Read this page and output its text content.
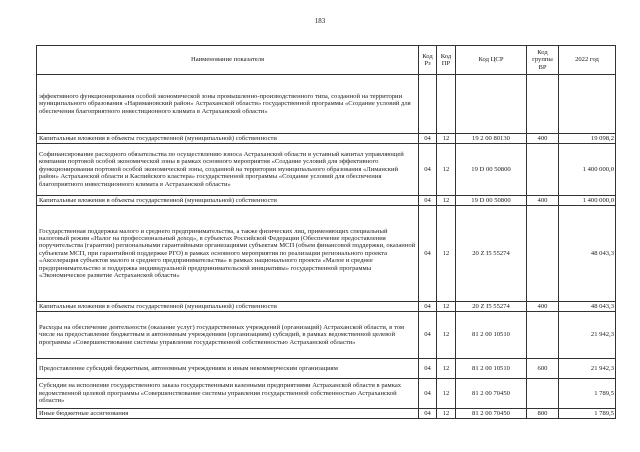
183
Наименование показателя	Код Рз	Код ПР	Код ЦСР	Код группы ВР	2022 год
эффективного функционирования особой экономической зоны промышленно-производственного типа, созданной на территории муниципального образования «Наримановский район» Астраханской области» государственной программы «Создание условий для обеспечения благоприятного инвестиционного климата в Астраханской области»					
Капитальные вложения в объекты государственной (муниципальной) собственности	04	12	19 2 00 80130	400	19 098,2
Софинансирование расходного обязательства по осуществлению взноса Астраханской области в уставный капитал управляющей компании портовой особой экономической зоны в рамках основного мероприятия «Создание условий для эффективного функционирования портовой особой экономической зоны, созданной на территории муниципального образования «Лиманский район» Астраханской области и Каспийского кластера» государственной программы «Создание условий для обеспечения благоприятного инвестиционного климата в Астраханской области»	04	12	19 D 00 50800		1 400 000,0
Капитальные вложения в объекты государственной (муниципальной) собственности	04	12	19 D 00 50800	400	1 400 000,0
Государственная поддержка малого и среднего предпринимательства, а также физических лиц, применяющих специальный налоговый режим «Налог на профессиональный доход», в субъектах Российской Федерации (Обеспечение предоставления поручительства (гарантии) региональными гарантийными организациями субъектам МСП (объем финансовой поддержки, оказанной субъектам МСП, при гарантийной поддержке РГО) в рамках основного мероприятия по реализации регионального проекта «Акселерация субъектов малого и среднего предпринимательства» в рамках национального проекта «Малое и среднее предпринимательство и поддержка индивидуальной предпринимательской инициативы» государственной программы «Экономическое развитие Астраханской области»	04	12	20 Z I5 55274		48 043,3
Капитальные вложения в объекты государственной (муниципальной) собственности	04	12	20 Z I5 55274	400	48 043,3
Расходы на обеспечение деятельности (оказание услуг) государственных учреждений (организаций) Астраханской области, в том числе на предоставление бюджетным и автономным учреждениям (организациям) субсидий, в рамках ведомственной целевой программы «Совершенствование системы управления государственной собственностью Астраханской области»	04	12	81 2 00 10510		21 942,3
Предоставление субсидий бюджетным, автономным учреждениям и иным некоммерческим организациям	04	12	81 2 00 10510	600	21 942,3
Субсидии на исполнение государственного заказа государственными казенными предприятиями Астраханской области в рамках ведомственной целевой программы «Совершенствование системы управления государственной собственностью Астраханской области»	04	12	81 2 00 70450		1 789,5
Иные бюджетные ассигнования	04	12	81 2 00 70450	800	1 789,5
